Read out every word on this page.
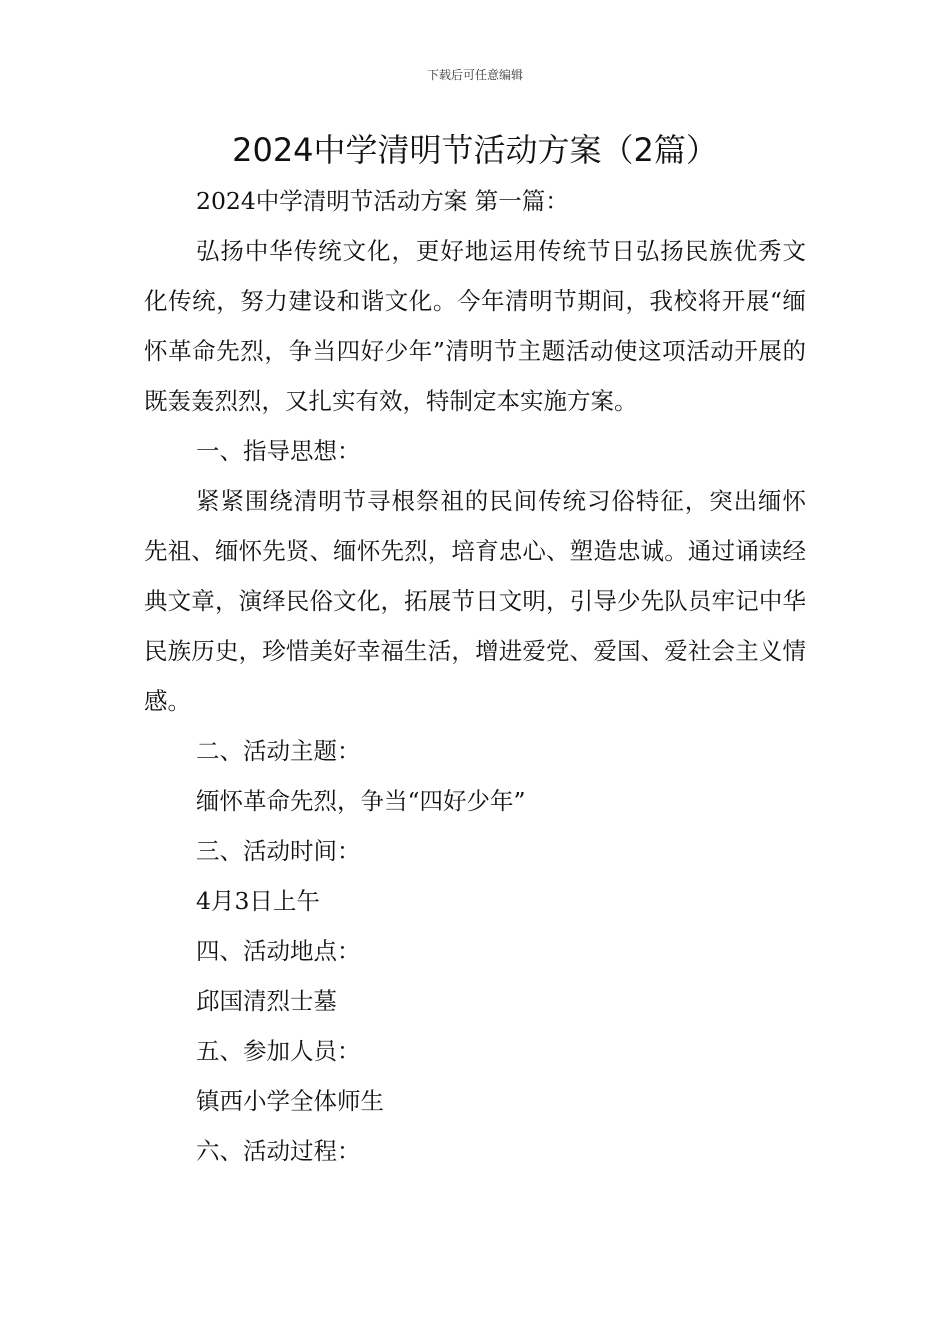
下载后可任意编辑
2024中学清明节活动方案（2篇）

2024中学清明节活动方案 第一篇：

弘扬中华传统文化，更好地运用传统节日弘扬民族优秀文化传统，努力建设和谐文化。今年清明节期间，我校将开展“缅怀革命先烈，争当四好少年”清明节主题活动使这项活动开展的既轰轰烈烈，又扎实有效，特制定本实施方案。

一、指导思想：

紧紧围绕清明节寻根祭祖的民间传统习俗特征，突出缅怀先祖、缅怀先贤、缅怀先烈，培育忠心、塑造忠诚。通过诵读经典文章，演绎民俗文化，拓展节日文明，引导少先队员牢记中华民族历史，珍惜美好幸福生活，增进爱党、爱国、爱社会主义情感。

二、活动主题：

缅怀革命先烈，争当“四好少年”

三、活动时间：

4月3日上午

四、活动地点：

邱国清烈士墓

五、参加人员：

镇西小学全体师生

六、活动过程：
